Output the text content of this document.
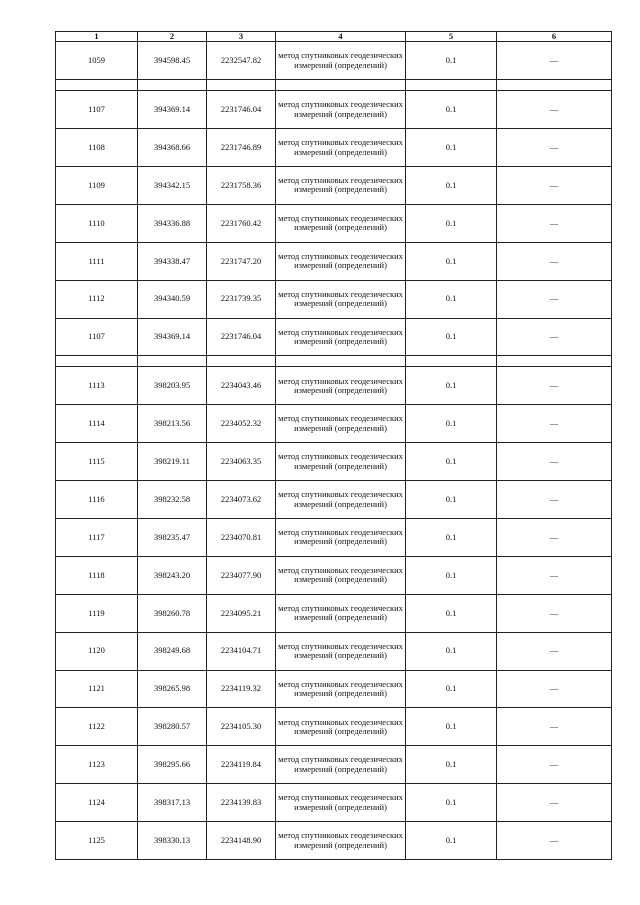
1	2	3	4	5	6
1059	394598.45	2232547.82	метод спутниковых геодезических измерений (определений)	0.1	—

1107	394369.14	2231746.04	метод спутниковых геодезических измерений (определений)	0.1	—
1108	394368.66	2231746.89	метод спутниковых геодезических измерений (определений)	0.1	—
1109	394342.15	2231758.36	метод спутниковых геодезических измерений (определений)	0.1	—
1110	394336.88	2231760.42	метод спутниковых геодезических измерений (определений)	0.1	—
1111	394338.47	2231747.20	метод спутниковых геодезических измерений (определений)	0.1	—
1112	394340.59	2231739.35	метод спутниковых геодезических измерений (определений)	0.1	—
1107	394369.14	2231746.04	метод спутниковых геодезических измерений (определений)	0.1	—

1113	398203.95	2234043.46	метод спутниковых геодезических измерений (определений)	0.1	—
1114	398213.56	2234052.32	метод спутниковых геодезических измерений (определений)	0.1	—
1115	398219.11	2234063.35	метод спутниковых геодезических измерений (определений)	0.1	—
1116	398232.58	2234073.62	метод спутниковых геодезических измерений (определений)	0.1	—
1117	398235.47	2234070.81	метод спутниковых геодезических измерений (определений)	0.1	—
1118	398243.20	2234077.90	метод спутниковых геодезических измерений (определений)	0.1	—
1119	398260.78	2234095.21	метод спутниковых геодезических измерений (определений)	0.1	—
1120	398249.68	2234104.71	метод спутниковых геодезических измерений (определений)	0.1	—
1121	398265.98	2234119.32	метод спутниковых геодезических измерений (определений)	0.1	—
1122	398280.57	2234105.30	метод спутниковых геодезических измерений (определений)	0.1	—
1123	398295.66	2234119.84	метод спутниковых геодезических измерений (определений)	0.1	—
1124	398317.13	2234139.83	метод спутниковых геодезических измерений (определений)	0.1	—
1125	398330.13	2234148.90	метод спутниковых геодезических измерений (определений)	0.1	—
